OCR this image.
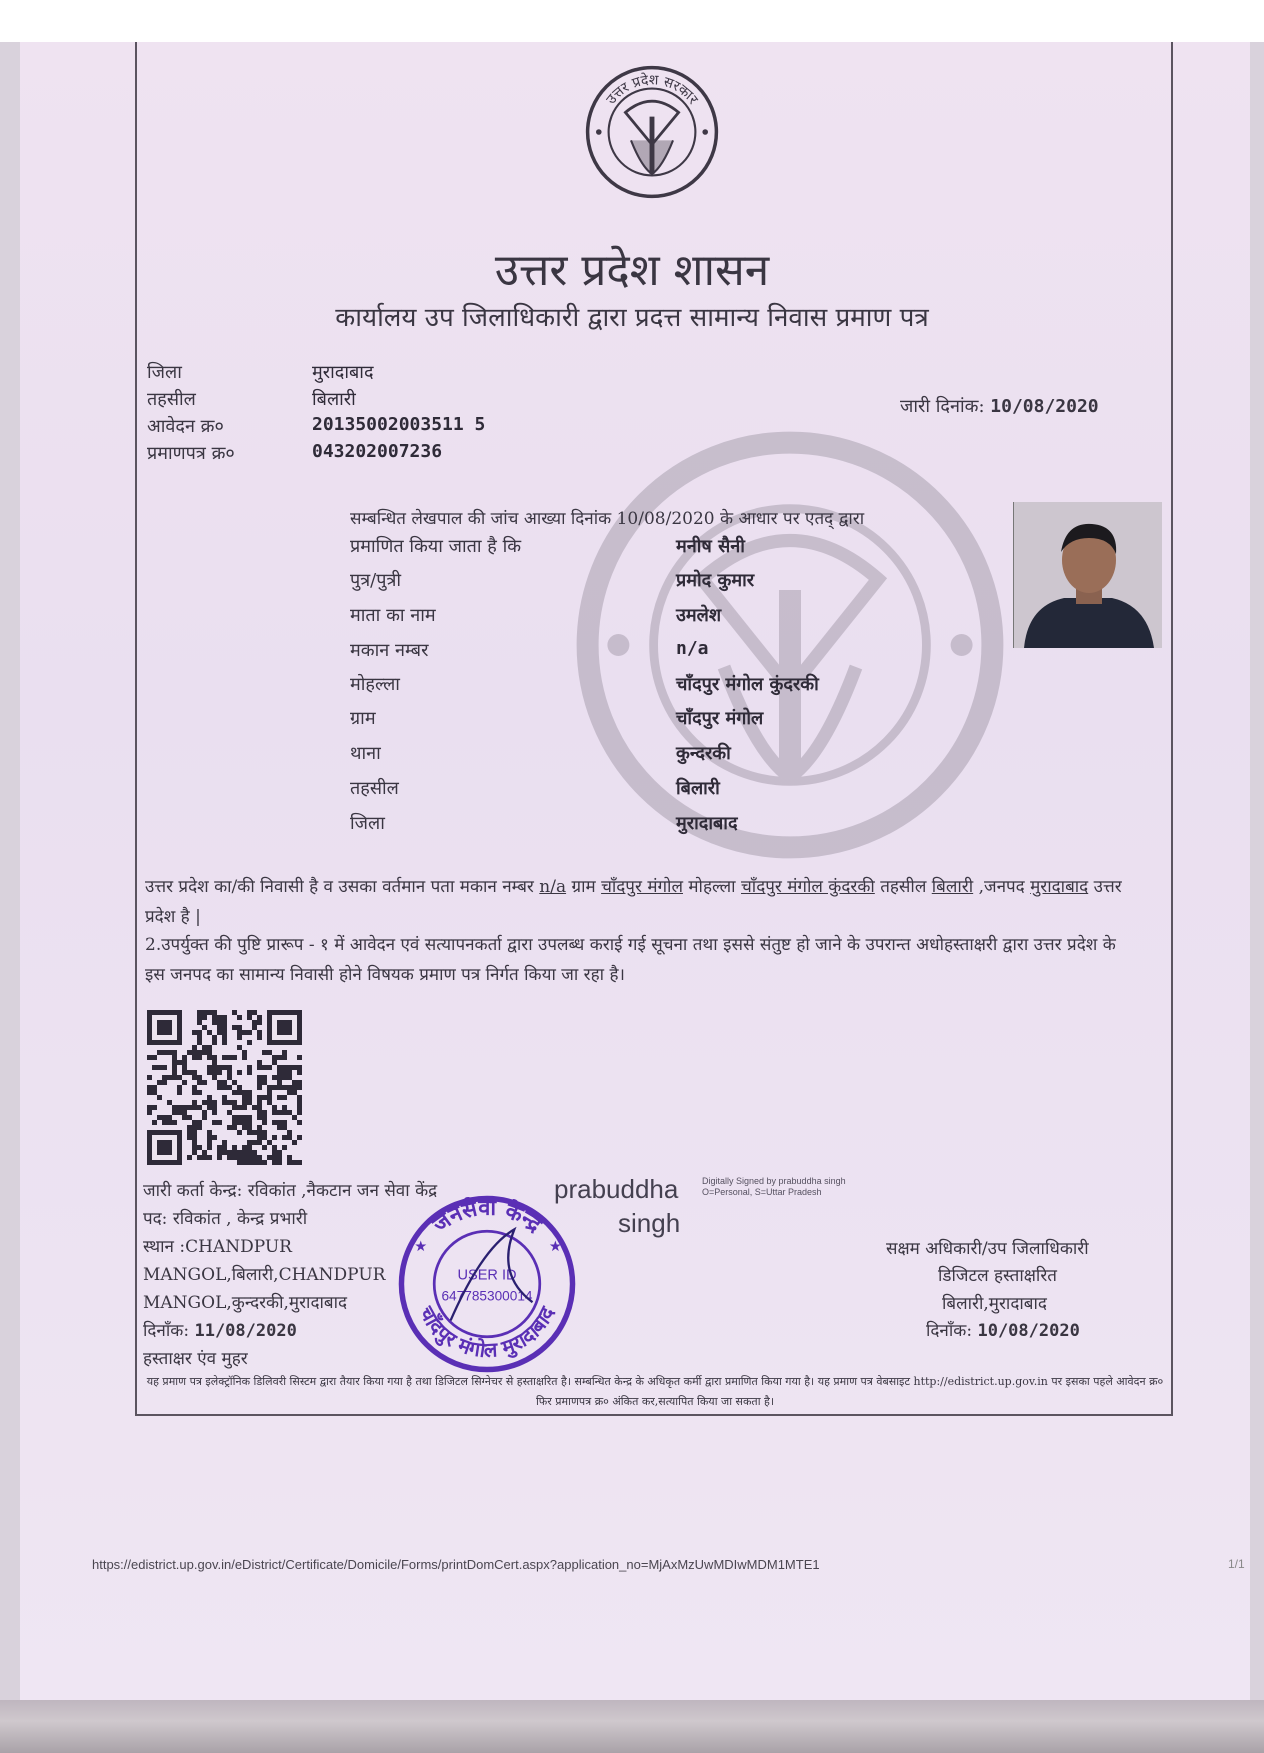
उत्तर प्रदेश सरकार
उत्तर प्रदेश शासन
कार्यालय उप जिलाधिकारी द्वारा प्रदत्त सामान्य निवास प्रमाण पत्र
जिला	मुरादाबाद
तहसील	बिलारी
आवेदन क्र०	20135002003511 5
प्रमाणपत्र क्र०	043202007236
जारी दिनांक: 10/08/2020
सम्बन्धित लेखपाल की जांच आख्या दिनांक 10/08/2020 के आधार पर एतद् द्वारा
प्रमाणित किया जाता है कि	मनीष सैनी
पुत्र/पुत्री	प्रमोद कुमार
माता का नाम	उमलेश
मकान नम्बर	n/a
मोहल्ला	चाँदपुर मंगोल कुंदरकी
ग्राम	चाँदपुर मंगोल
थाना	कुन्दरकी
तहसील	बिलारी
जिला	मुरादाबाद
उत्तर प्रदेश का/की निवासी है व उसका वर्तमान पता मकान नम्बर n/a ग्राम चाँदपुर मंगोल मोहल्ला चाँदपुर मंगोल कुंदरकी तहसील बिलारी ,जनपद मुरादाबाद उत्तर प्रदेश है |
2.उपर्युक्त की पुष्टि प्रारूप - १ में आवेदन एवं सत्यापनकर्ता द्वारा उपलब्ध कराई गई सूचना तथा इससे संतुष्ट हो जाने के उपरान्त अधोहस्ताक्षरी द्वारा उत्तर प्रदेश के इस जनपद का सामान्य निवासी होने विषयक प्रमाण पत्र निर्गत किया जा रहा है।
जारी कर्ता केन्द्र: रविकांत ,नैकटान जन सेवा केंद्र
पद: रविकांत , केन्द्र प्रभारी
स्थान :CHANDPUR
MANGOL,बिलारी,CHANDPUR
MANGOL,कुन्दरकी,मुरादाबाद
दिनाँक: 11/08/2020
हस्ताक्षर एंव मुहर
prabuddha
singh
Digitally Signed by prabuddha singh O=Personal, S=Uttar Pradesh
जनसेवा केन्द्र
चाँदपुर मंगोल मुरादाबाद
USER ID
647785300014
★
★	सक्षम अधिकारी/उप जिलाधिकारी
डिजिटल हस्ताक्षरित
बिलारी,मुरादाबाद
दिनाँक: 10/08/2020
यह प्रमाण पत्र इलेक्ट्रॉनिक डिलिवरी सिस्टम द्वारा तैयार किया गया है तथा डिजिटल सिग्नेचर से हस्ताक्षरित है। सम्बन्धित केन्द्र के अधिकृत कर्मी द्वारा प्रमाणित किया गया है। यह प्रमाण पत्र वेबसाइट http://edistrict.up.gov.in पर इसका पहले आवेदन क्र० फिर प्रमाणपत्र क्र० अंकित कर,सत्यापित किया जा सकता है।
https://edistrict.up.gov.in/eDistrict/Certificate/Domicile/Forms/printDomCert.aspx?application_no=MjAxMzUwMDIwMDM1MTE1	1/1
